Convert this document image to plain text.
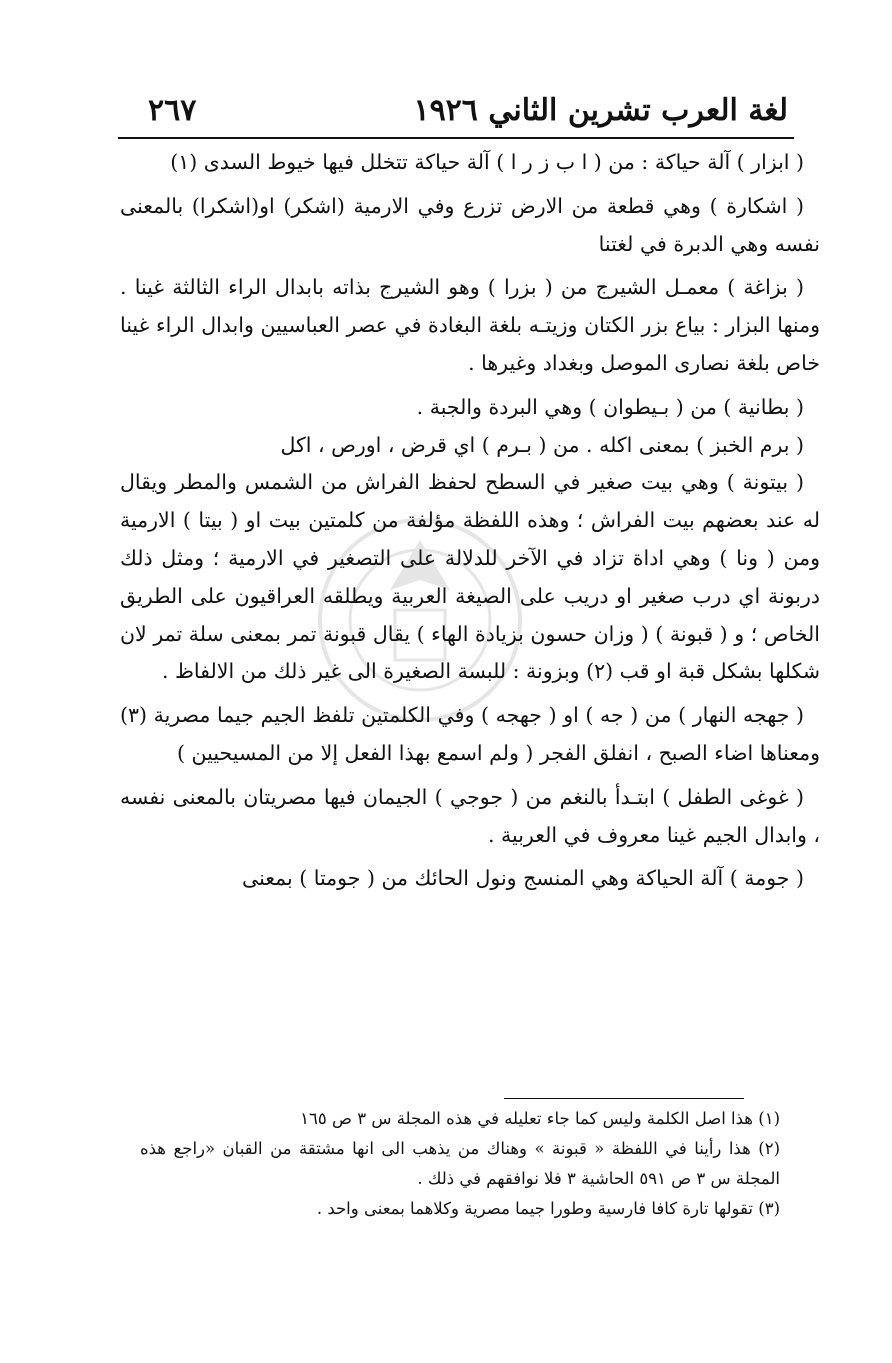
لغة العرب تشرين الثاني ١٩٢٦
٢٦٧

( ابزار ) آلة حياكة : من ( ا ب ز ر ا ) آلة حياكة تتخلل فيها خيوط السدى (١)

( اشكارة ) وهي قطعة من الارض تزرع وفي الارمية (اشكر) او(اشكرا) بالمعنى نفسه وهي الدبرة في لغتنا

( بزاغة ) معمـل الشيرج من ( بزرا ) وهو الشيرج بذاته بابدال الراء الثالثة غينا . ومنها البزار : بياع بزر الكتان وزيتـه بلغة البغادة في عصر العباسيين وابدال الراء غينا خاص بلغة نصارى الموصل وبغداد وغيرها .

( بطانية ) من ( بـيطوان ) وهي البردة والجبة .

( برم الخبز ) بمعنى اكله . من ( بـرم ) اي قرض ، اورص ، اكل

( بيتونة ) وهي بيت صغير في السطح لحفظ الفراش من الشمس والمطر ويقال له عند بعضهم بيت الفراش ؛ وهذه اللفظة مؤلفة من كلمتين بيت او ( بيتا ) الارمية ومن ( ونا ) وهي اداة تزاد في الآخر للدلالة على التصغير في الارمية ؛ ومثل ذلك دربونة اي درب صغير او دريب على الصيغة العربية ويطلقه العراقيون على الطريق الخاص ؛ و ( قبونة ) ( وزان حسون بزيادة الهاء ) يقال قبونة تمر بمعنى سلة تمر لان شكلها بشكل قبة او قب (٢) وبزونة : للبسة الصغيرة الى غير ذلك من الالفاظ .

( جهجه النهار ) من ( جه ) او ( جهجه ) وفي الكلمتين تلفظ الجيم جيما مصرية (٣) ومعناها اضاء الصبح ، انفلق الفجر ( ولم اسمع بهذا الفعل إلا من المسيحيين )

( غوغى الطفل ) ابتـدأ بالنغم من ( جوجي ) الجيمان فيها مصريتان بالمعنى نفسه ، وابدال الجيم غينا معروف في العربية .

( جومة ) آلة الحياكة وهي المنسج ونول الحائك من ( جومتا ) بمعنى

(١) هذا اصل الكلمة وليس كما جاء تعليله في هذه المجلة س ٣ ص ١٦٥

(٢) هذا رأينا في اللفظة « قبونة » وهناك من يذهب الى انها مشتقة من القبان «راجع هذه المجلة س ٣ ص ٥٩١ الحاشية ٣ فلا نوافقهم في ذلك .

(٣) تقولها تارة كافا فارسية وطورا جيما مصرية وكلاهما بمعنى واحد .
